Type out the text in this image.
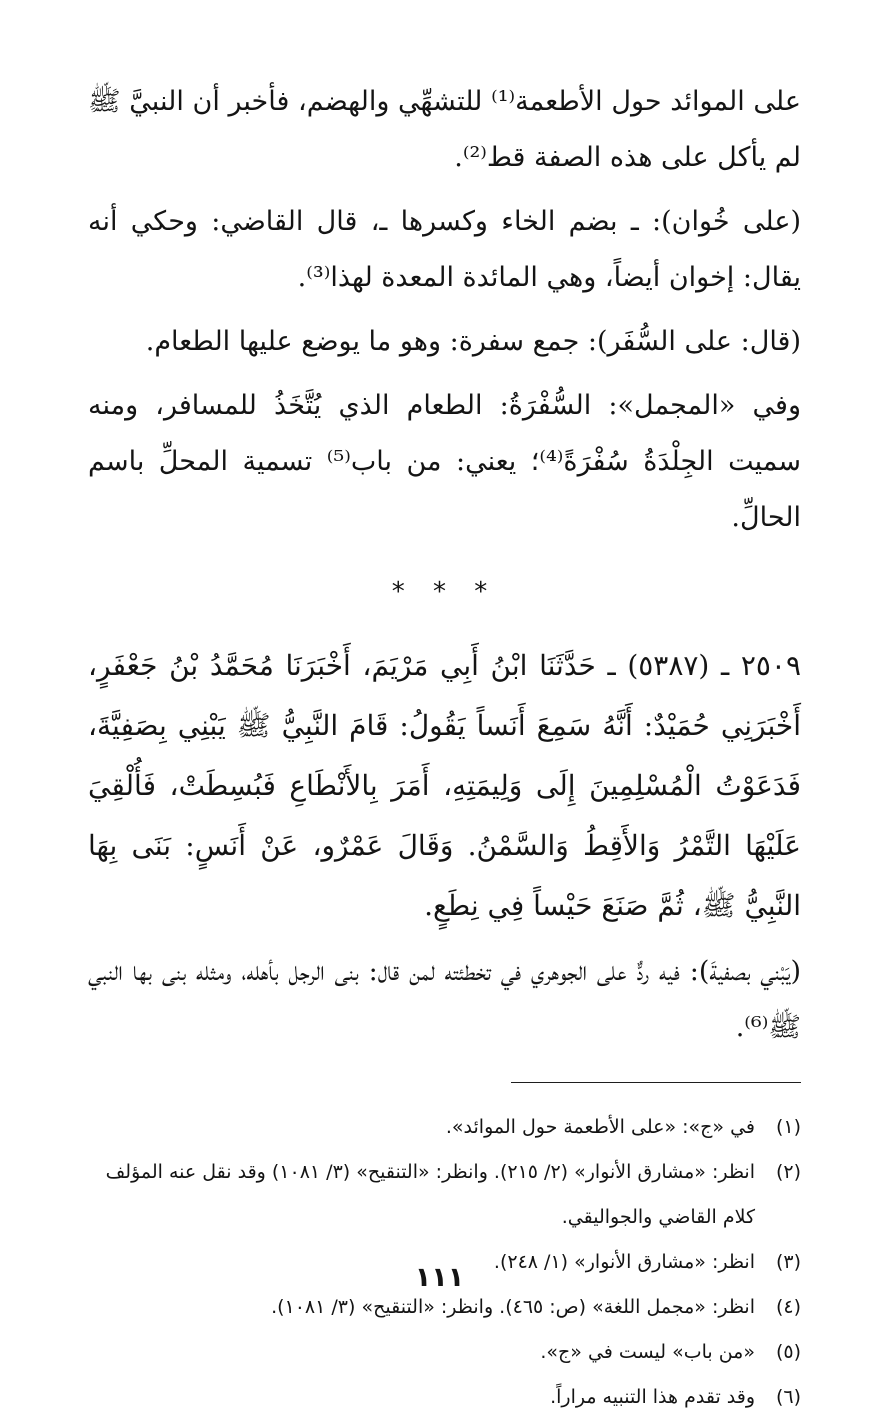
على الموائد حول الأطعمة⁽¹⁾ للتشهِّي والهضم، فأخبر أن النبيَّ ﷺ لم يأكل على هذه الصفة قط⁽²⁾.

(على خُوان): ـ بضم الخاء وكسرها ـ، قال القاضي: وحكي أنه يقال: إخوان أيضاً، وهي المائدة المعدة لهذا⁽³⁾.

(قال: على السُّفَر): جمع سفرة: وهو ما يوضع عليها الطعام.

وفي «المجمل»: السُّفْرَةُ: الطعام الذي يُتَّخَذُ للمسافر، ومنه سميت الجِلْدَةُ سُفْرَةً⁽⁴⁾؛ يعني: من باب⁽⁵⁾ تسمية المحلِّ باسم الحالِّ.

* * *

٢٥٠٩ ـ (٥٣٨٧) ـ حَدَّثَنَا ابْنُ أَبِي مَرْيَمَ، أَخْبَرَنَا مُحَمَّدُ بْنُ جَعْفَرٍ، أَخْبَرَنِي حُمَيْدٌ: أَنَّهُ سَمِعَ أَنَساً يَقُولُ: قَامَ النَّبِيُّ ﷺ يَبْنِي بِصَفِيَّةَ، فَدَعَوْتُ الْمُسْلِمِينَ إِلَى وَلِيمَتِهِ، أَمَرَ بِالأَنْطَاعِ فَبُسِطَتْ، فَأُلْقِيَ عَلَيْهَا التَّمْرُ وَالأَقِطُ وَالسَّمْنُ. وَقَالَ عَمْرٌو، عَنْ أَنَسٍ: بَنَى بِهَا النَّبِيُّ ﷺ، ثُمَّ صَنَعَ حَيْساً فِي نِطَعٍ.

(يَبْني بصفيةَ): فيه ردٌّ على الجوهري في تخطئته لمن قال: بنى الرجل بأهله، ومثله بنى بها النبي ﷺ⁽⁶⁾.

(١)
في «ج»: «على الأطعمة حول الموائد».
(٢)
انظر: «مشارق الأنوار» (٢/ ٢١٥). وانظر: «التنقيح» (٣/ ١٠٨١) وقد نقل عنه المؤلف كلام القاضي والجواليقي.
(٣)
انظر: «مشارق الأنوار» (١/ ٢٤٨).
(٤)
انظر: «مجمل اللغة» (ص: ٤٦٥). وانظر: «التنقيح» (٣/ ١٠٨١).
(٥)
«من باب» ليست في «ج».
(٦)
وقد تقدم هذا التنبيه مراراً.
١١١
